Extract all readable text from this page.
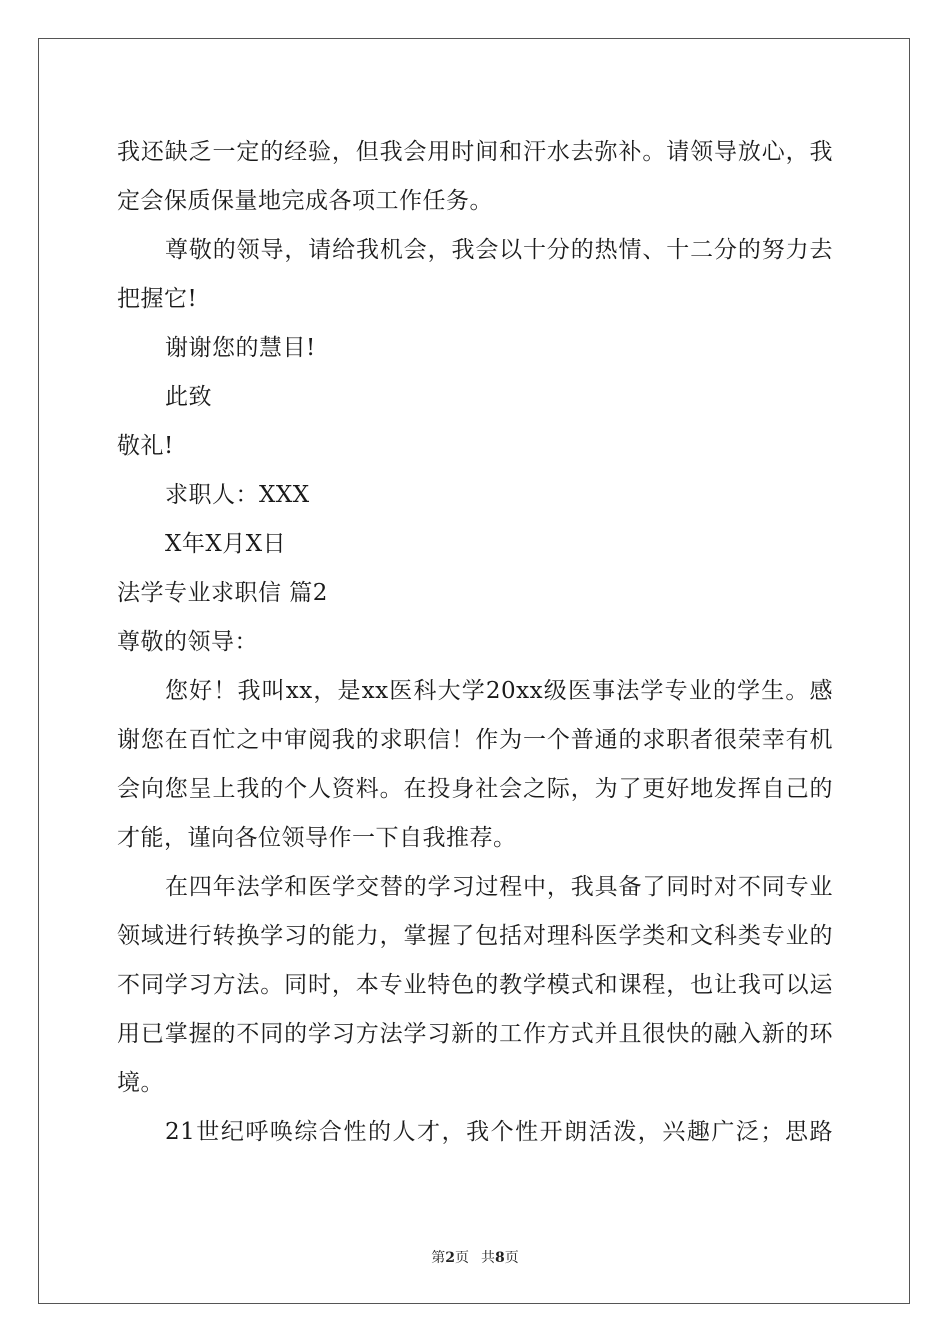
我还缺乏一定的经验，但我会用时间和汗水去弥补。请领导放心，我
定会保质保量地完成各项工作任务。
尊敬的领导，请给我机会，我会以十分的热情、十二分的努力去
把握它!
谢谢您的慧目!
此致
敬礼!
求职人：XXX
X年X月X日
法学专业求职信 篇2
尊敬的领导：
您好！我叫xx，是xx医科大学20xx级医事法学专业的学生。感
谢您在百忙之中审阅我的求职信！作为一个普通的求职者很荣幸有机
会向您呈上我的个人资料。在投身社会之际，为了更好地发挥自己的
才能，谨向各位领导作一下自我推荐。
在四年法学和医学交替的学习过程中，我具备了同时对不同专业
领域进行转换学习的能力，掌握了包括对理科医学类和文科类专业的
不同学习方法。同时，本专业特色的教学模式和课程，也让我可以运
用已掌握的不同的学习方法学习新的工作方式并且很快的融入新的环
境。
21世纪呼唤综合性的人才，我个性开朗活泼，兴趣广泛；思路
第2页 共8页
